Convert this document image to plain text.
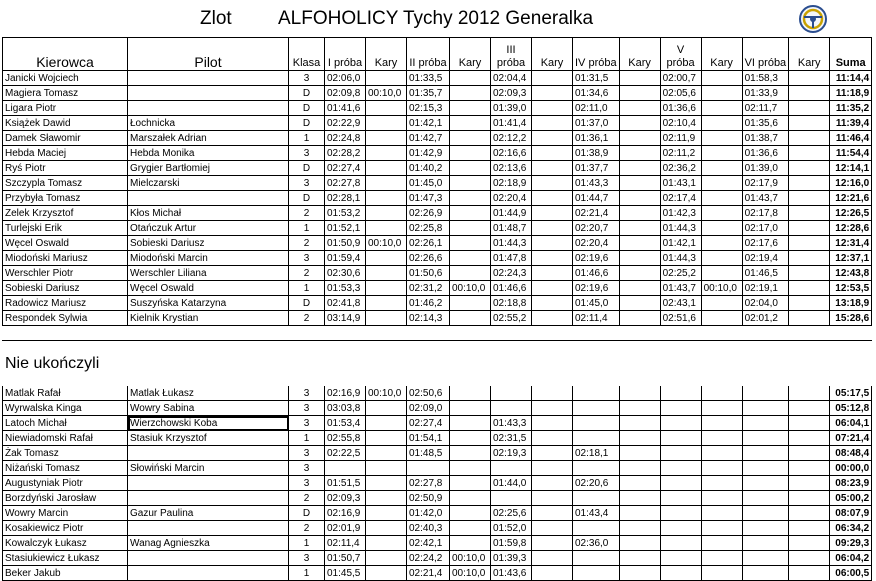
Zlot ALFOHOLICY Tychy 2012 Generalka
Kierowca	Pilot	Klasa	I próba	Kary	II próba	Kary	III próba	Kary	IV próba	Kary	V próba	Kary	VI próba	Kary	Suma
Janicki Wojciech		3	02:06,0		01:33,5		02:04,4		01:31,5		02:00,7		01:58,3		11:14,4
Magiera Tomasz		D	02:09,8	00:10,0	01:35,7		02:09,3		01:34,6		02:05,6		01:33,9		11:18,9
Ligara Piotr		D	01:41,6		02:15,3		01:39,0		02:11,0		01:36,6		02:11,7		11:35,2
Książek Dawid	Łochnicka	D	02:22,9		01:42,1		01:41,4		01:37,0		02:10,4		01:35,6		11:39,4
Damek Sławomir	Marszałek Adrian	1	02:24,8		01:42,7		02:12,2		01:36,1		02:11,9		01:38,7		11:46,4
Hebda Maciej	Hebda Monika	3	02:28,2		01:42,9		02:16,6		01:38,9		02:11,2		01:36,6		11:54,4
Ryś Piotr	Grygier Bartłomiej	D	02:27,4		01:40,2		02:13,6		01:37,7		02:36,2		01:39,0		12:14,1
Szczypla Tomasz	Mielczarski	3	02:27,8		01:45,0		02:18,9		01:43,3		01:43,1		02:17,9		12:16,0
Przybyła Tomasz		D	02:28,1		01:47,3		02:20,4		01:44,7		02:17,4		01:43,7		12:21,6
Zelek Krzysztof	Kłos Michał	2	01:53,2		02:26,9		01:44,9		02:21,4		01:42,3		02:17,8		12:26,5
Turlejski Erik	Otańczuk Artur	1	01:52,1		02:25,8		01:48,7		02:20,7		01:44,3		02:17,0		12:28,6
Węcel Oswald	Sobieski Dariusz	2	01:50,9	00:10,0	02:26,1		01:44,3		02:20,4		01:42,1		02:17,6		12:31,4
Miodoński Mariusz	Miodoński Marcin	3	01:59,4		02:26,6		01:47,8		02:19,6		01:44,3		02:19,4		12:37,1
Werschler Piotr	Werschler Liliana	2	02:30,6		01:50,6		02:24,3		01:46,6		02:25,2		01:46,5		12:43,8
Sobieski Dariusz	Węcel Oswald	1	01:53,3		02:31,2	00:10,0	01:46,6		02:19,6		01:43,7	00:10,0	02:19,1		12:53,5
Radowicz Mariusz	Suszyńska Katarzyna	D	02:41,8		01:46,2		02:18,8		01:45,0		02:43,1		02:04,0		13:18,9
Respondek Sylwia	Kielnik Krystian	2	03:14,9		02:14,3		02:55,2		02:11,4		02:51,6		02:01,2		15:28,6

Nie ukończyli															
Matlak Rafał	Matlak Łukasz	3	02:16,9	00:10,0	02:50,6										05:17,5
Wyrwalska Kinga	Wowry Sabina	3	03:03,8		02:09,0										05:12,8
Latoch Michał	Wierzchowski Koba	3	01:53,4		02:27,4		01:43,3								06:04,1
Niewiadomski Rafał	Stasiuk Krzysztof	1	02:55,8		01:54,1		02:31,5								07:21,4
Żak Tomasz		3	02:22,5		01:48,5		02:19,3		02:18,1						08:48,4
Niżański Tomasz	Słowiński Marcin	3													00:00,0
Augustyniak Piotr		3	01:51,5		02:27,8		01:44,0		02:20,6						08:23,9
Borzdyński Jarosław		2	02:09,3		02:50,9										05:00,2
Wowry Marcin	Gazur Paulina	D	02:16,9		01:42,0		02:25,6		01:43,4						08:07,9
Kosakiewicz Piotr		2	02:01,9		02:40,3		01:52,0								06:34,2
Kowalczyk Łukasz	Wanag Agnieszka	1	02:11,4		02:42,1		01:59,8		02:36,0						09:29,3
Stasiukiewicz Łukasz		3	01:50,7		02:24,2	00:10,0	01:39,3								06:04,2
Beker Jakub		1	01:45,5		02:21,4	00:10,0	01:43,6								06:00,5
